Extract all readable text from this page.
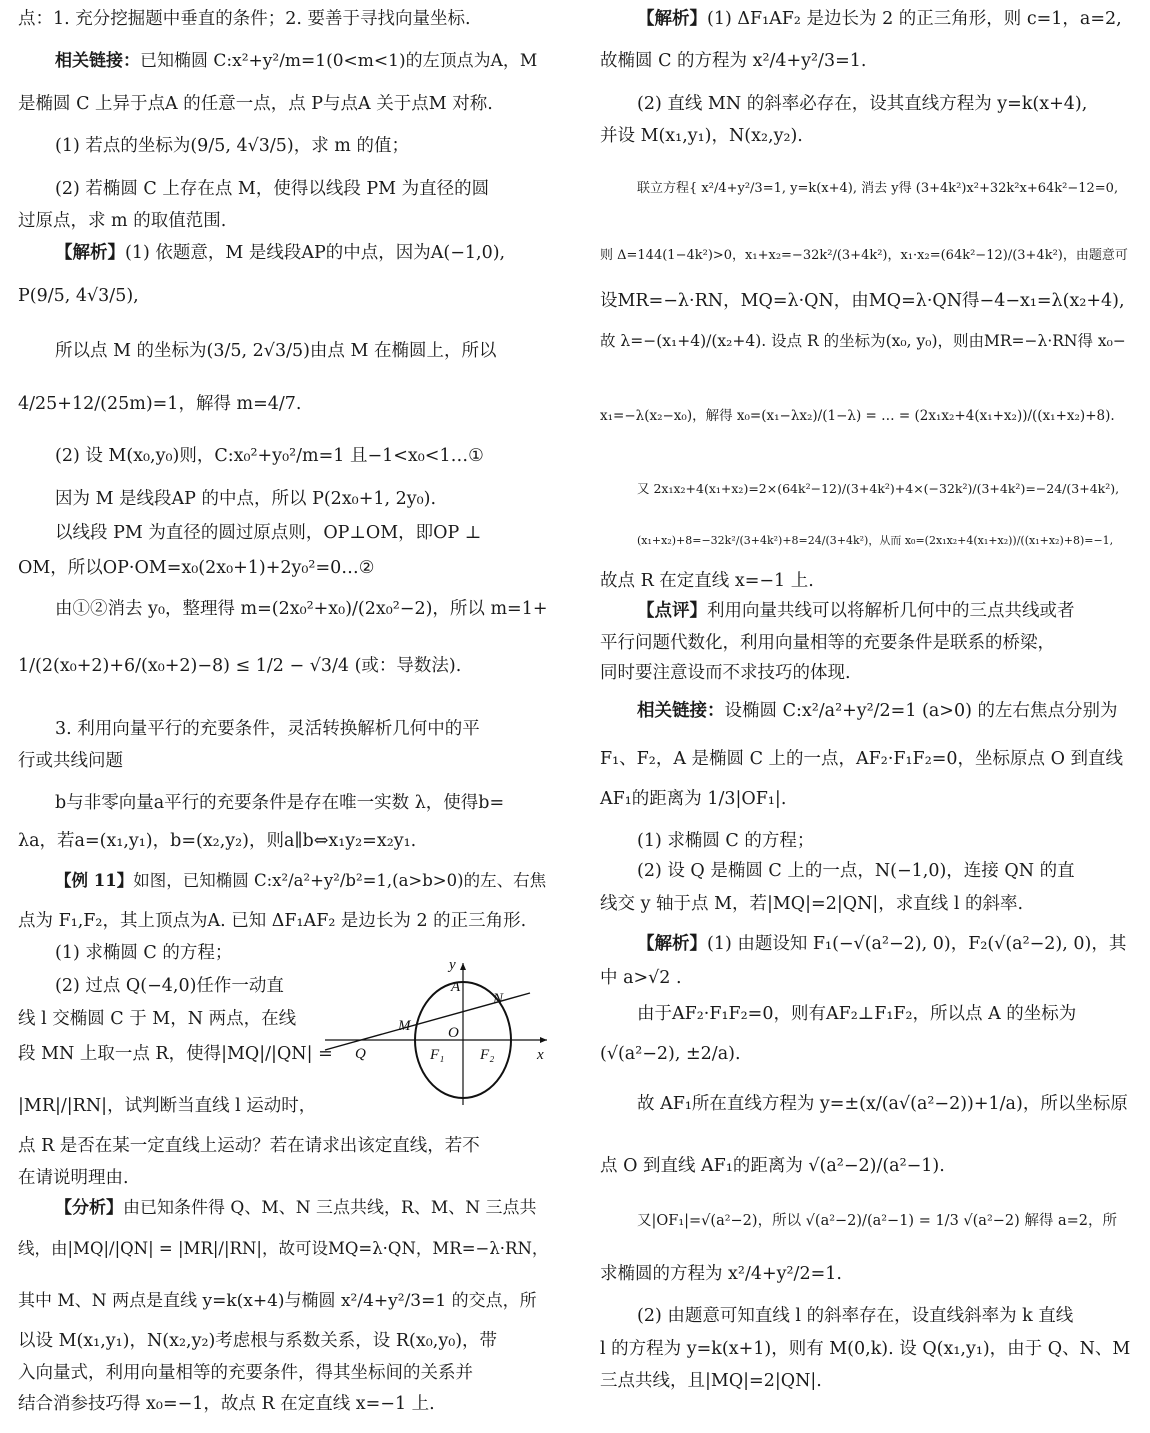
点：1. 充分挖掘题中垂直的条件；2. 要善于寻找向量坐标.
相关链接：已知椭圆 C:x²+y²/m=1(0<m<1)的左顶点为A，M
是椭圆 C 上异于点A 的任意一点，点 P与点A 关于点M 对称.
(1) 若点的坐标为(9/5, 4√3/5)，求 m 的值；
(2) 若椭圆 C 上存在点 M，使得以线段 PM 为直径的圆
过原点，求 m 的取值范围.
【解析】(1) 依题意，M 是线段AP的中点，因为A(−1,0),
P(9/5, 4√3/5),
所以点 M 的坐标为(3/5, 2√3/5)由点 M 在椭圆上，所以
4/25+12/(25m)=1，解得 m=4/7.
(2) 设 M(x₀,y₀)则，C:x₀²+y₀²/m=1 且−1<x₀<1…①
因为 M 是线段AP 的中点，所以 P(2x₀+1, 2y₀).
以线段 PM 为直径的圆过原点则，OP⊥OM，即OP ⊥
OM，所以OP·OM=x₀(2x₀+1)+2y₀²=0…②
由①②消去 y₀，整理得 m=(2x₀²+x₀)/(2x₀²−2)，所以 m=1+
1/(2(x₀+2)+6/(x₀+2)−8) ≤ 1/2 − √3/4 (或：导数法).
3. 利用向量平行的充要条件，灵活转换解析几何中的平
行或共线问题
b与非零向量a平行的充要条件是存在唯一实数 λ，使得b=
λa，若a=(x₁,y₁)，b=(x₂,y₂)，则a∥b⇔x₁y₂=x₂y₁.
【例 11】如图，已知椭圆 C:x²/a²+y²/b²=1,(a>b>0)的左、右焦
点为 F₁,F₂，其上顶点为A. 已知 ΔF₁AF₂ 是边长为 2 的正三角形.
(1) 求椭圆 C 的方程；
(2) 过点 Q(−4,0)任作一动直
线 l 交椭圆 C 于 M，N 两点，在线
段 MN 上取一点 R，使得|MQ|/|QN| =
|MR|/|RN|，试判断当直线 l 运动时，
点 R 是否在某一定直线上运动？若在请求出该定直线，若不
在请说明理由.
【分析】由已知条件得 Q、M、N 三点共线，R、M、N 三点共
线，由|MQ|/|QN| = |MR|/|RN|，故可设MQ=λ·QN，MR=−λ·RN，
其中 M、N 两点是直线 y=k(x+4)与椭圆 x²/4+y²/3=1 的交点，所
以设 M(x₁,y₁)，N(x₂,y₂)考虑根与系数关系，设 R(x₀,y₀)，带
入向量式，利用向量相等的充要条件，得其坐标间的关系并
结合消参技巧得 x₀=−1，故点 R 在定直线 x=−1 上.
【解析】(1) ΔF₁AF₂ 是边长为 2 的正三角形，则 c=1，a=2,
故椭圆 C 的方程为 x²/4+y²/3=1.
(2) 直线 MN 的斜率必存在，设其直线方程为 y=k(x+4),
并设 M(x₁,y₁)，N(x₂,y₂).
联立方程{ x²/4+y²/3=1, y=k(x+4), 消去 y得 (3+4k²)x²+32k²x+64k²−12=0,
则 Δ=144(1−4k²)>0，x₁+x₂=−32k²/(3+4k²)，x₁·x₂=(64k²−12)/(3+4k²)，由题意可
设MR=−λ·RN，MQ=λ·QN，由MQ=λ·QN得−4−x₁=λ(x₂+4),
故 λ=−(x₁+4)/(x₂+4). 设点 R 的坐标为(x₀, y₀)，则由MR=−λ·RN得 x₀−
x₁=−λ(x₂−x₀)，解得 x₀=(x₁−λx₂)/(1−λ) = … = (2x₁x₂+4(x₁+x₂))/((x₁+x₂)+8).
又 2x₁x₂+4(x₁+x₂)=2×(64k²−12)/(3+4k²)+4×(−32k²)/(3+4k²)=−24/(3+4k²),
(x₁+x₂)+8=−32k²/(3+4k²)+8=24/(3+4k²)，从而 x₀=(2x₁x₂+4(x₁+x₂))/((x₁+x₂)+8)=−1,
故点 R 在定直线 x=−1 上.
【点评】利用向量共线可以将解析几何中的三点共线或者
平行问题代数化，利用向量相等的充要条件是联系的桥梁，
同时要注意设而不求技巧的体现.
相关链接：设椭圆 C:x²/a²+y²/2=1 (a>0) 的左右焦点分别为
F₁、F₂，A 是椭圆 C 上的一点，AF₂·F₁F₂=0，坐标原点 O 到直线
AF₁的距离为 1/3|OF₁|.
(1) 求椭圆 C 的方程；
(2) 设 Q 是椭圆 C 上的一点，N(−1,0)，连接 QN 的直
线交 y 轴于点 M，若|MQ|=2|QN|，求直线 l 的斜率.
【解析】(1) 由题设知 F₁(−√(a²−2), 0)，F₂(√(a²−2), 0)，其
中 a>√2 .
由于AF₂·F₁F₂=0，则有AF₂⊥F₁F₂，所以点 A 的坐标为
(√(a²−2), ±2/a).
故 AF₁所在直线方程为 y=±(x/(a√(a²−2))+1/a)，所以坐标原
点 O 到直线 AF₁的距离为 √(a²−2)/(a²−1).
又|OF₁|=√(a²−2)，所以 √(a²−2)/(a²−1) = 1/3 √(a²−2) 解得 a=2，所
求椭圆的方程为 x²/4+y²/2=1.
(2) 由题意可知直线 l 的斜率存在，设直线斜率为 k 直线
l 的方程为 y=k(x+1)，则有 M(0,k). 设 Q(x₁,y₁)，由于 Q、N、M
三点共线，且|MQ|=2|QN|.
y
x
A
N
M	O
Q	F₁ F₂
